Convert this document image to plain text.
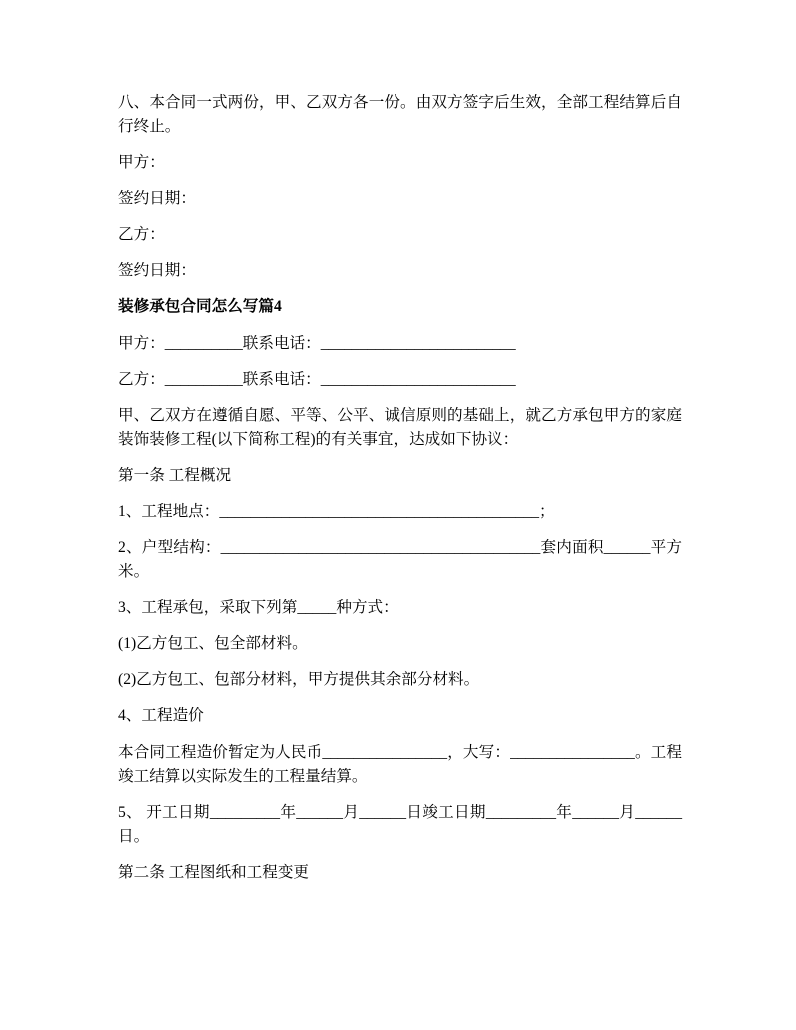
八、本合同一式两份，甲、乙双方各一份。由双方签字后生效，全部工程结算后自
行终止。
甲方：
签约日期：
乙方：
签约日期：
装修承包合同怎么写篇4
甲方：__________联系电话：_________________________
乙方：__________联系电话：_________________________
甲、乙双方在遵循自愿、平等、公平、诚信原则的基础上，就乙方承包甲方的家庭
装饰装修工程(以下简称工程)的有关事宜，达成如下协议：
第一条 工程概况
1、工程地点：_________________________________________；
2、户型结构：_________________________________________套内面积______平方
米。
3、工程承包，采取下列第_____种方式：
(1)乙方包工、包全部材料。
(2)乙方包工、包部分材料，甲方提供其余部分材料。
4、工程造价
本合同工程造价暂定为人民币________________，大写：________________。工程
竣工结算以实际发生的工程量结算。
5、 开工日期_________年______月______日竣工日期_________年______月______
日。
第二条 工程图纸和工程变更
